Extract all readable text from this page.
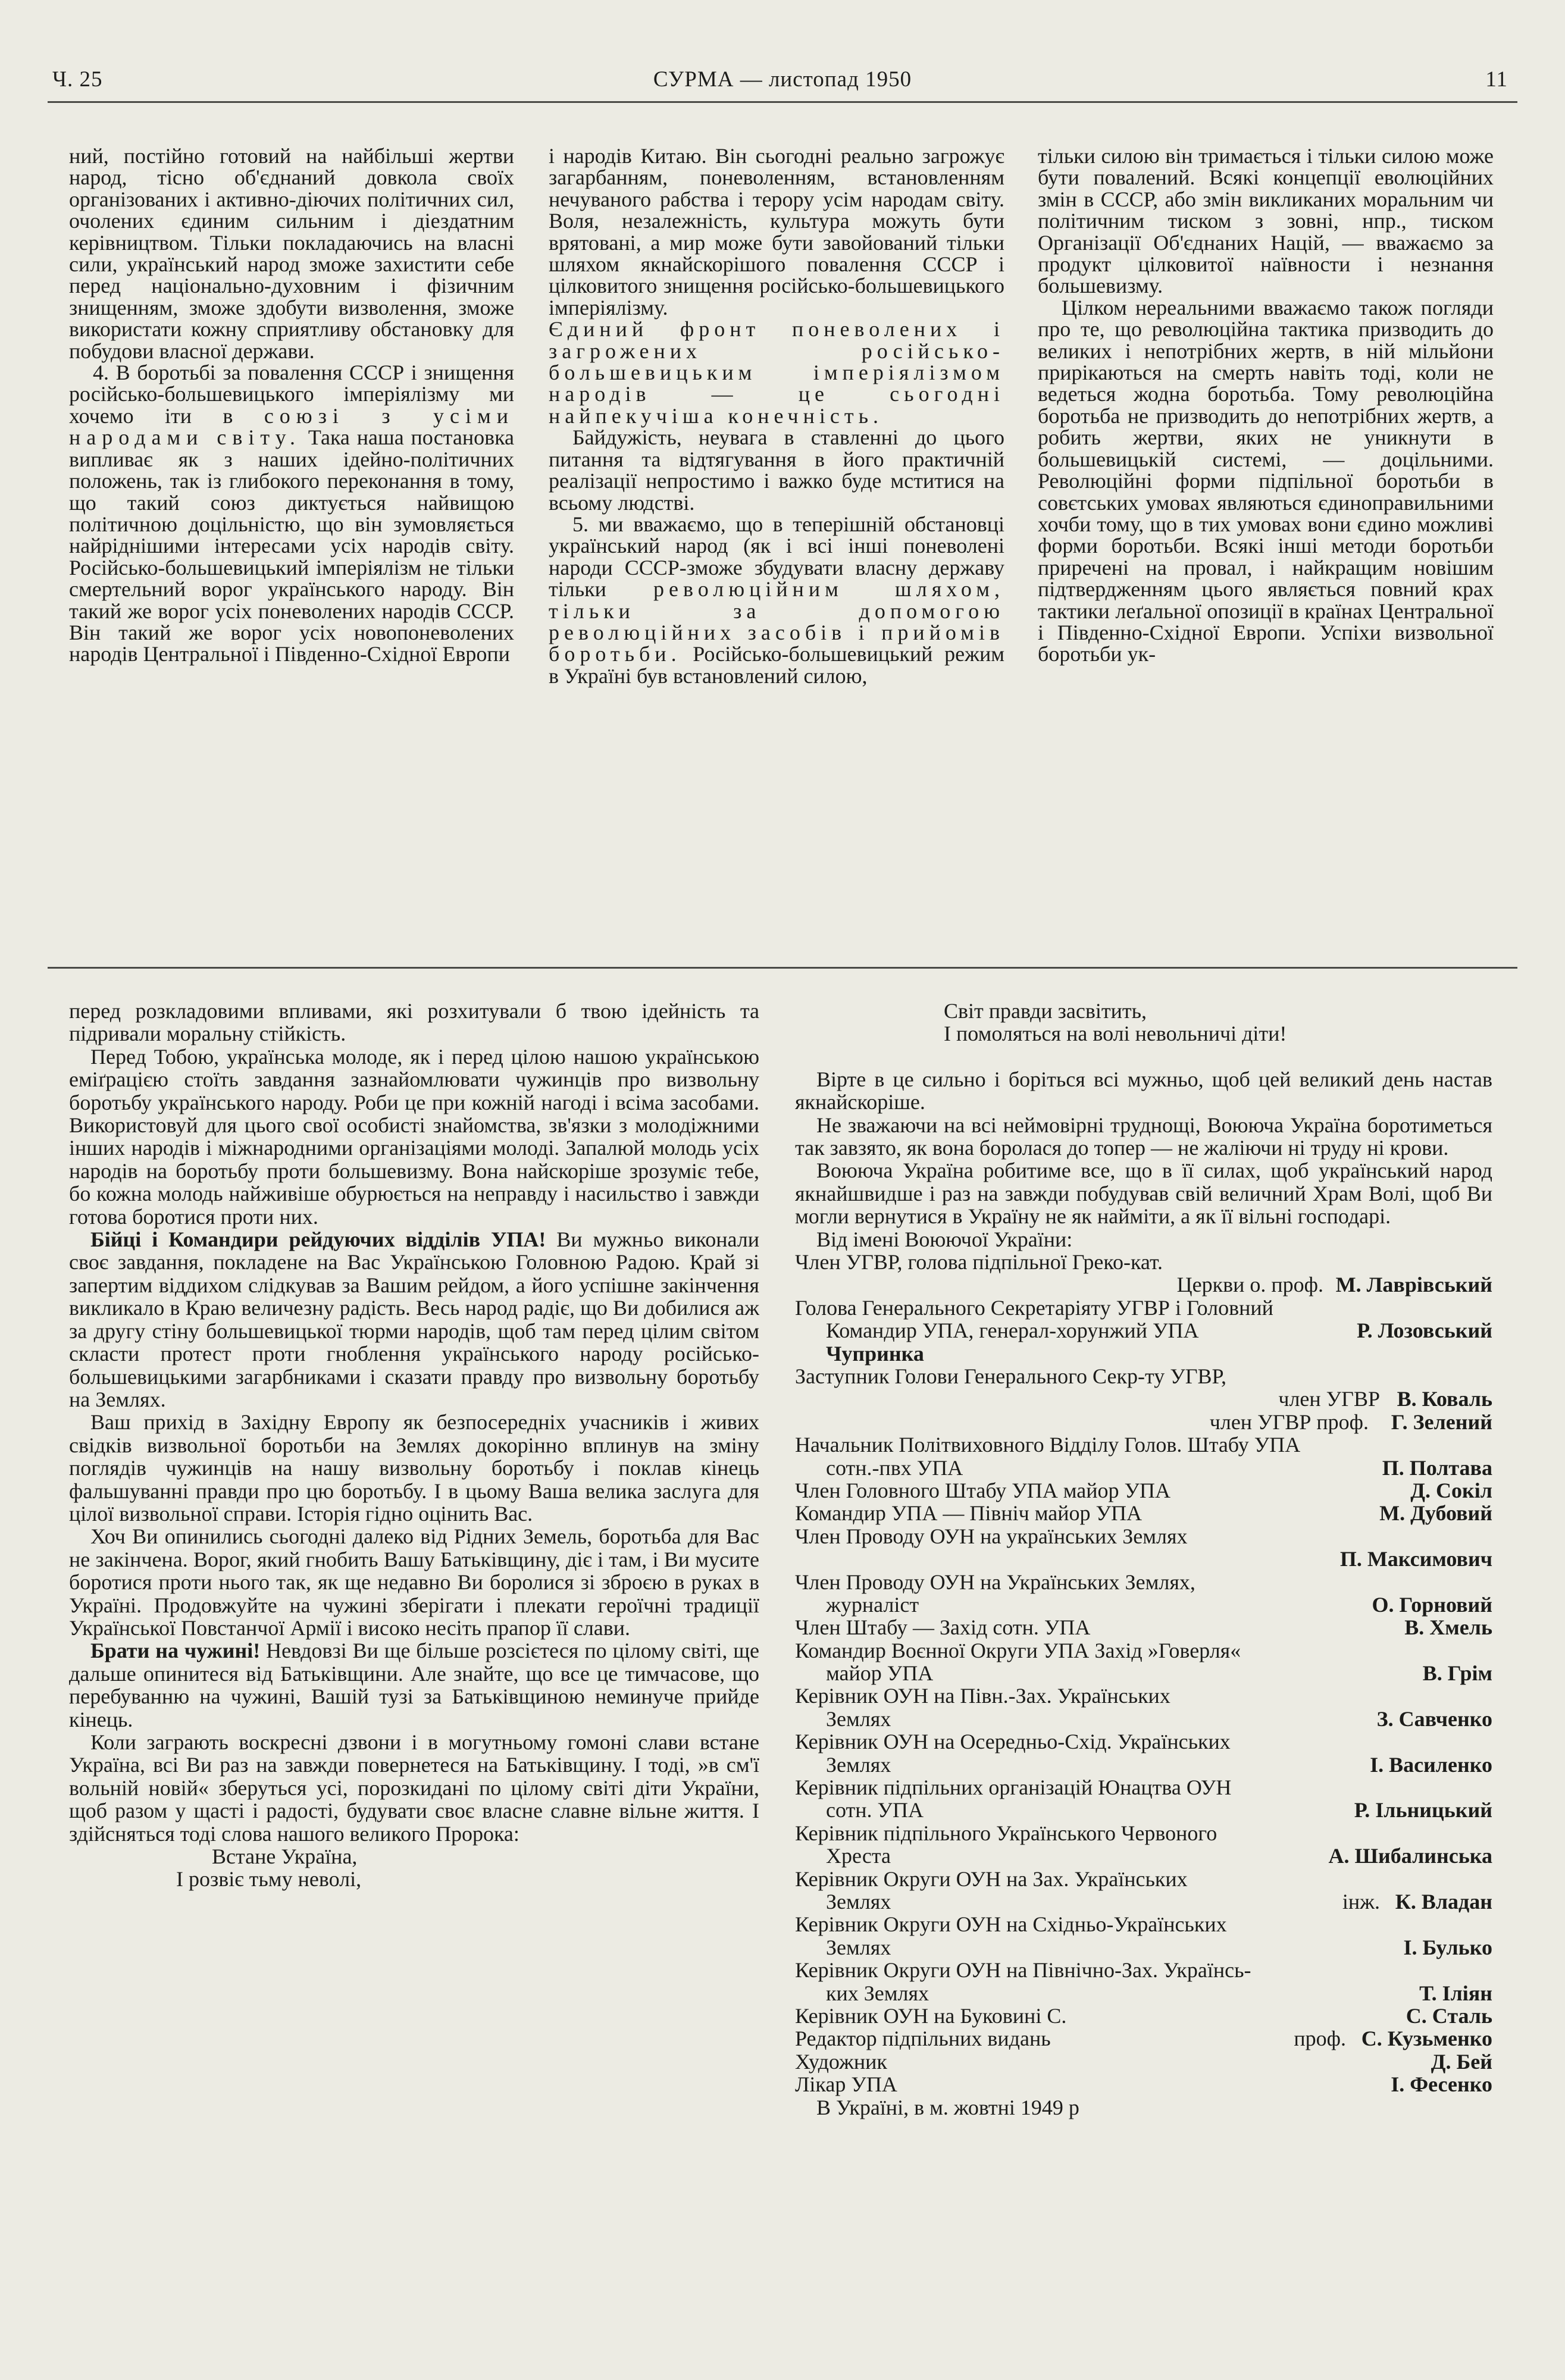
Ч. 25	СУРМА — листопад 1950	11

ний, постійно готовий на найбільші жертви народ, тісно об'єднаний довкола своїх організованих і активно-діючих політичних сил, очолених єдиним сильним і діездатним керівництвом. Тільки покладаючись на власні сили, український народ зможе захистити себе перед національно-духовним і фізичним знищенням, зможе здобути визволення, зможе використати кожну сприятливу обстановку для побудови власної держави.

4. В боротьбі за повалення СССР і знищення російсько-большевицького імперіялізму ми хочемо іти в союзі з усіми народами світу. Така наша постановка випливає як з наших ідейно-політичних положень, так із глибокого переконання в тому, що такий союз диктується найвищою політичною доцільністю, що він зумовляється найріднішими інтересами усіх народів світу. Російсько-большевицький імперіялізм не тільки смертельний ворог українського народу. Він такий же ворог усіх поневолених народів СССР. Він такий же ворог усіх новопоневолених народів Центральної і Південно-Східної Европи

і народів Китаю. Він сьогодні реально загрожує загарбанням, поневоленням, встановленням нечуваного рабства і терору усім народам світу. Воля, незалежність, культура можуть бути врятовані, а мир може бути завойований тільки шляхом якнайскорішого повалення СССР і цілковитого знищення російсько-большевицького імперіялізму.

Єдиний фронт поневолених і загрожених російсько-большевицьким імперіялізмом народів — це сьогодні найпекучіша конечність.

Байдужість, неувага в ставленні до цього питання та відтягування в його практичній реалізації непростимо і важко буде мститися на всьому людстві.

5. ми вважаємо, що в теперішній обстановці український народ (як і всі інші поневолені народи СССР-зможе збудувати власну державу тільки революційним шляхом, тільки за допомогою революційних засобів і прийомів боротьби. Російсько-большевицький режим в Україні був встановлений силою,

тільки силою він тримається і тільки силою може бути повалений. Всякі концепції еволюційних змін в СССР, або змін викликаних моральним чи політичним тиском з зовні, нпр., тиском Організації Об'єднаних Націй, — вважаємо за продукт цілковитої наївности і незнання большевизму.

Цілком нереальними вважаємо також погляди про те, що революційна тактика призводить до великих і непотрібних жертв, в ній мільйони прирікаються на смерть навіть тоді, коли не ведеться жодна боротьба. Тому революційна боротьба не призводить до непотрібних жертв, а робить жертви, яких не уникнути в большевицькій системі, — доцільними. Революційні форми підпільної боротьби в совєтських умовах являються єдиноправильними хочби тому, що в тих умовах вони єдино можливі форми боротьби. Всякі інші методи боротьби приречені на провал, і найкращим новішим підтвердженням цього являється повний крах тактики леґальної опозиції в країнах Центральної і Південно-Східної Европи. Успіхи визвольної боротьби ук-

перед розкладовими впливами, які розхитували б твою ідейність та підривали моральну стійкість.

Перед Тобою, українська молоде, як і перед цілою нашою українською еміґрацією стоїть завдання зазнайомлювати чужинців про визвольну боротьбу українського народу. Роби це при кожній нагоді і всіма засобами. Використовуй для цього свої особисті знайомства, зв'язки з молодіжними інших народів і міжнародними організаціями молоді. Запалюй молодь усіх народів на боротьбу проти большевизму. Вона найскоріше зрозуміє тебе, бо кожна молодь найживіше обурюється на неправду і насильство і завжди готова боротися проти них.

Бійці і Командири рейдуючих відділів УПА! Ви мужньо виконали своє завдання, покладене на Вас Українською Головною Радою. Край зі запертим віддихом слідкував за Вашим рейдом, а його успішне закінчення викликало в Краю величезну радість. Весь народ радіє, що Ви добилися аж за другу стіну большевицької тюрми народів, щоб там перед цілим світом скласти протест проти гноблення українського народу російсько-большевицькими загарбниками і сказати правду про визвольну боротьбу на Землях.

Ваш прихід в Західну Европу як безпосередніх учасників і живих свідків визвольної боротьби на Землях докорінно вплинув на зміну поглядів чужинців на нашу визвольну боротьбу і поклав кінець фальшуванні правди про цю боротьбу. І в цьому Ваша велика заслуга для цілої визвольної справи. Історія гідно оцінить Вас.

Хоч Ви опинились сьогодні далеко від Рідних Земель, боротьба для Вас не закінчена. Ворог, який гнобить Вашу Батьківщину, діє і там, і Ви мусите боротися проти нього так, як ще недавно Ви боролися зі зброєю в руках в Україні. Продовжуйте на чужині зберігати і плекати героїчні традиції Української Повстанчої Армії і високо несіть прапор її слави.

Брати на чужині! Невдовзі Ви ще більше розсієтеся по цілому світі, ще дальше опинитеся від Батьківщини. Але знайте, що все це тимчасове, що перебуванню на чужині, Вашій тузі за Батьківщиною неминуче прийде кінець.

Коли заграють воскресні дзвони і в могутньому гомоні слави встане Україна, всі Ви раз на завжди повернетеся на Батьківщину. І тоді, »в см'ї вольній новій« зберуться усі, порозкидані по цілому світі діти України, щоб разом у щасті і радості, будувати своє власне славне вільне життя. І здійсняться тоді слова нашого великого Пророка:

Встане Україна,

І розвіє тьму неволі,

Світ правди засвітить,

І помоляться на волі невольничі діти!

Вірте в це сильно і боріться всі мужньо, щоб цей великий день настав якнайскоріше.

Не зважаючи на всі неймовірні труднощі, Воююча Україна боротиметься так завзято, як вона боролася до топер — не жаліючи ні труду ні крови.

Воююча Україна робитиме все, що в її силах, щоб український народ якнайшвидше і раз на завжди побудував свій величний Храм Волі, щоб Ви могли вернутися в Україну не як найміти, а як її вільні господарі.

Від імені Воюючої України:

Член УГВР, голова підпільної Греко-кат.
Церкви о. проф. М. Лаврівський
Голова Генерального Секретаріяту УГВР і Головний
Командир УПА, генерал-хорунжий УПА	Р. Лозовський
Чупринка
Заступник Голови Генерального Секр-ту УГВР,
член УГВР В. Коваль
член УГВР проф.	Г. Зелений
Начальник Політвиховного Відділу Голов. Штабу УПА
сотн.-пвх УПА	П. Полтава
Член Головного Штабу УПА майор УПА	Д. Сокіл
Командир УПА — Північ майор УПА	М. Дубовий
Член Проводу ОУН на українських Землях
П. Максимович
Член Проводу ОУН на Українських Землях,
журналіст	О. Горновий
Член Штабу — Захід сотн. УПА	В. Хмель
Командир Воєнної Округи УПА Захід »Говерля«
майор УПА	В. Грім
Керівник ОУН на Півн.-Зах. Українських
Землях	З. Савченко
Керівник ОУН на Осередньо-Схід. Українських
Землях	І. Василенко
Керівник підпільних організацій Юнацтва ОУН
сотн. УПА	Р. Ільницький
Керівник підпільного Українського Червоного
Хреста	А. Шибалинська
Керівник Округи ОУН на Зах. Українських
Землях	інж. К. Владан
Керівник Округи ОУН на Східньо-Українських
Землях	І. Булько
Керівник Округи ОУН на Північно-Зах. Українсь-
ких Землях	Т. Іліян
Керівник ОУН на Буковині С.	С. Сталь
Редактор підпільних видань	проф. С. Кузьменко
Художник	Д. Бей
Лікар УПА	І. Фесенко

В Україні, в м. жовтні 1949 р
